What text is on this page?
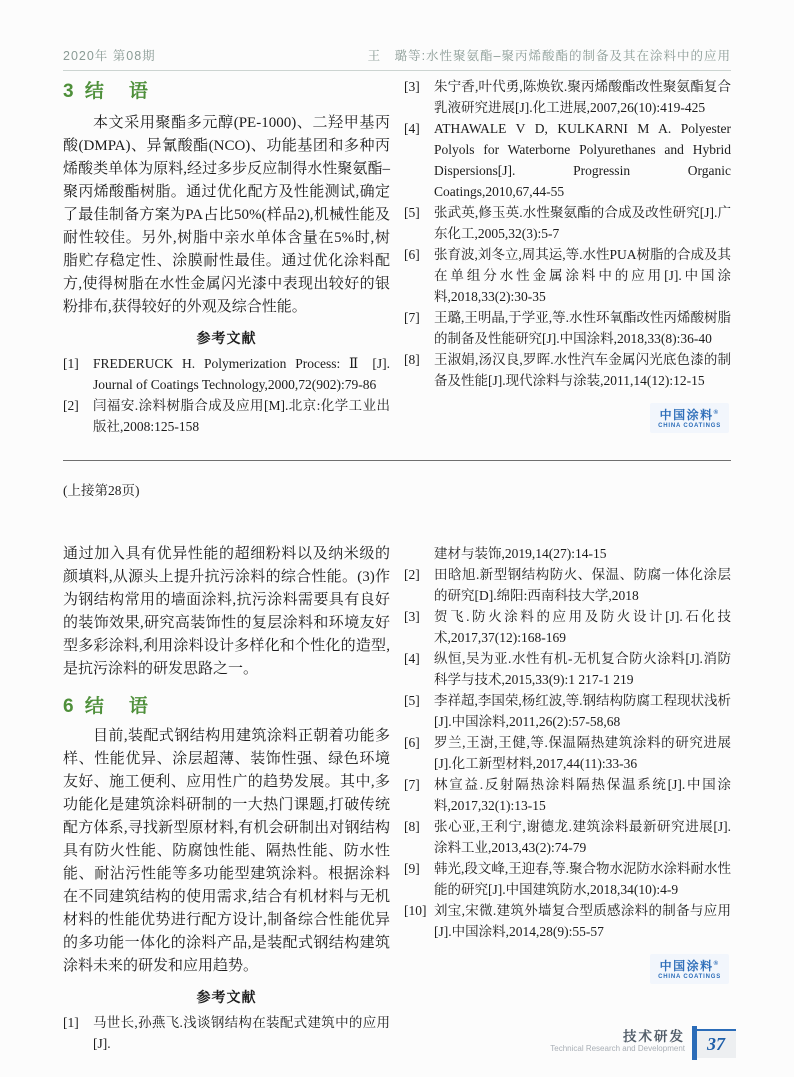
2020年 第08期	王　璐等:水性聚氨酯–聚丙烯酸酯的制备及其在涂料中的应用
3 结　语

本文采用聚酯多元醇(PE-1000)、二羟甲基丙酸(DMPA)、异氰酸酯(NCO)、功能基团和多种丙烯酸类单体为原料,经过多步反应制得水性聚氨酯–聚丙烯酸酯树脂。通过优化配方及性能测试,确定了最佳制备方案为PA占比50%(样品2),机械性能及耐性较佳。另外,树脂中亲水单体含量在5%时,树脂贮存稳定性、涂膜耐性最佳。通过优化涂料配方,使得树脂在水性金属闪光漆中表现出较好的银粉排布,获得较好的外观及综合性能。

参考文献
[1]	FREDERUCK H. Polymerization Process: Ⅱ [J]. Journal of Coatings Technology,2000,72(902):79-86
[2]	闫福安.涂料树脂合成及应用[M].北京:化学工业出版社,2008:125-158
[3]	朱宁香,叶代勇,陈焕钦.聚丙烯酸酯改性聚氨酯复合乳液研究进展[J].化工进展,2007,26(10):419-425
[4]	ATHAWALE V D, KULKARNI M A. Polyester Polyols for Waterborne Polyurethanes and Hybrid Dispersions[J]. Progressin Organic Coatings,2010,67,44-55
[5]	张武英,修玉英.水性聚氨酯的合成及改性研究[J].广东化工,2005,32(3):5-7
[6]	张育波,刘冬立,周其运,等.水性PUA树脂的合成及其在单组分水性金属涂料中的应用[J].中国涂料,2018,33(2):30-35
[7]	王璐,王明晶,于学亚,等.水性环氧酯改性丙烯酸树脂的制备及性能研究[J].中国涂料,2018,33(8):36-40
[8]	王淑娟,汤汉良,罗晖.水性汽车金属闪光底色漆的制备及性能[J].现代涂料与涂装,2011,14(12):12-15
中国涂料®
CHINA COATINGS
(上接第28页)

通过加入具有优异性能的超细粉料以及纳米级的颜填料,从源头上提升抗污涂料的综合性能。(3)作为钢结构常用的墙面涂料,抗污涂料需要具有良好的装饰效果,研究高装饰性的复层涂料和环境友好型多彩涂料,利用涂料设计多样化和个性化的造型,是抗污涂料的研发思路之一。

6 结　语

目前,装配式钢结构用建筑涂料正朝着功能多样、性能优异、涂层超薄、装饰性强、绿色环境友好、施工便利、应用性广的趋势发展。其中,多功能化是建筑涂料研制的一大热门课题,打破传统配方体系,寻找新型原材料,有机会研制出对钢结构具有防火性能、防腐蚀性能、隔热性能、防水性能、耐沾污性能等多功能型建筑涂料。根据涂料在不同建筑结构的使用需求,结合有机材料与无机材料的性能优势进行配方设计,制备综合性能优异的多功能一体化的涂料产品,是装配式钢结构建筑涂料未来的研发和应用趋势。

参考文献
[1]	马世长,孙燕飞.浅谈钢结构在装配式建筑中的应用[J].
建材与装饰,2019,14(27):14-15
[2]	田晗旭.新型钢结构防火、保温、防腐一体化涂层的研究[D].绵阳:西南科技大学,2018
[3]	贺飞.防火涂料的应用及防火设计[J].石化技术,2017,37(12):168-169
[4]	纵恒,吴为亚.水性有机-无机复合防火涂料[J].消防科学与技术,2015,33(9):1 217-1 219
[5]	李祥超,李国荣,杨红波,等.钢结构防腐工程现状浅析[J].中国涂料,2011,26(2):57-58,68
[6]	罗兰,王澍,王健,等.保温隔热建筑涂料的研究进展[J].化工新型材料,2017,44(11):33-36
[7]	林宣益.反射隔热涂料隔热保温系统[J].中国涂料,2017,32(1):13-15
[8]	张心亚,王利宁,谢德龙.建筑涂料最新研究进展[J].涂料工业,2013,43(2):74-79
[9]	韩光,段文峰,王迎春,等.聚合物水泥防水涂料耐水性能的研究[J].中国建筑防水,2018,34(10):4-9
[10] 刘宝,宋微.建筑外墙复合型质感涂料的制备与应用[J].中国涂料,2014,28(9):55-57
中国涂料®
CHINA COATINGS
技术研发
Technical Research and Development 37
